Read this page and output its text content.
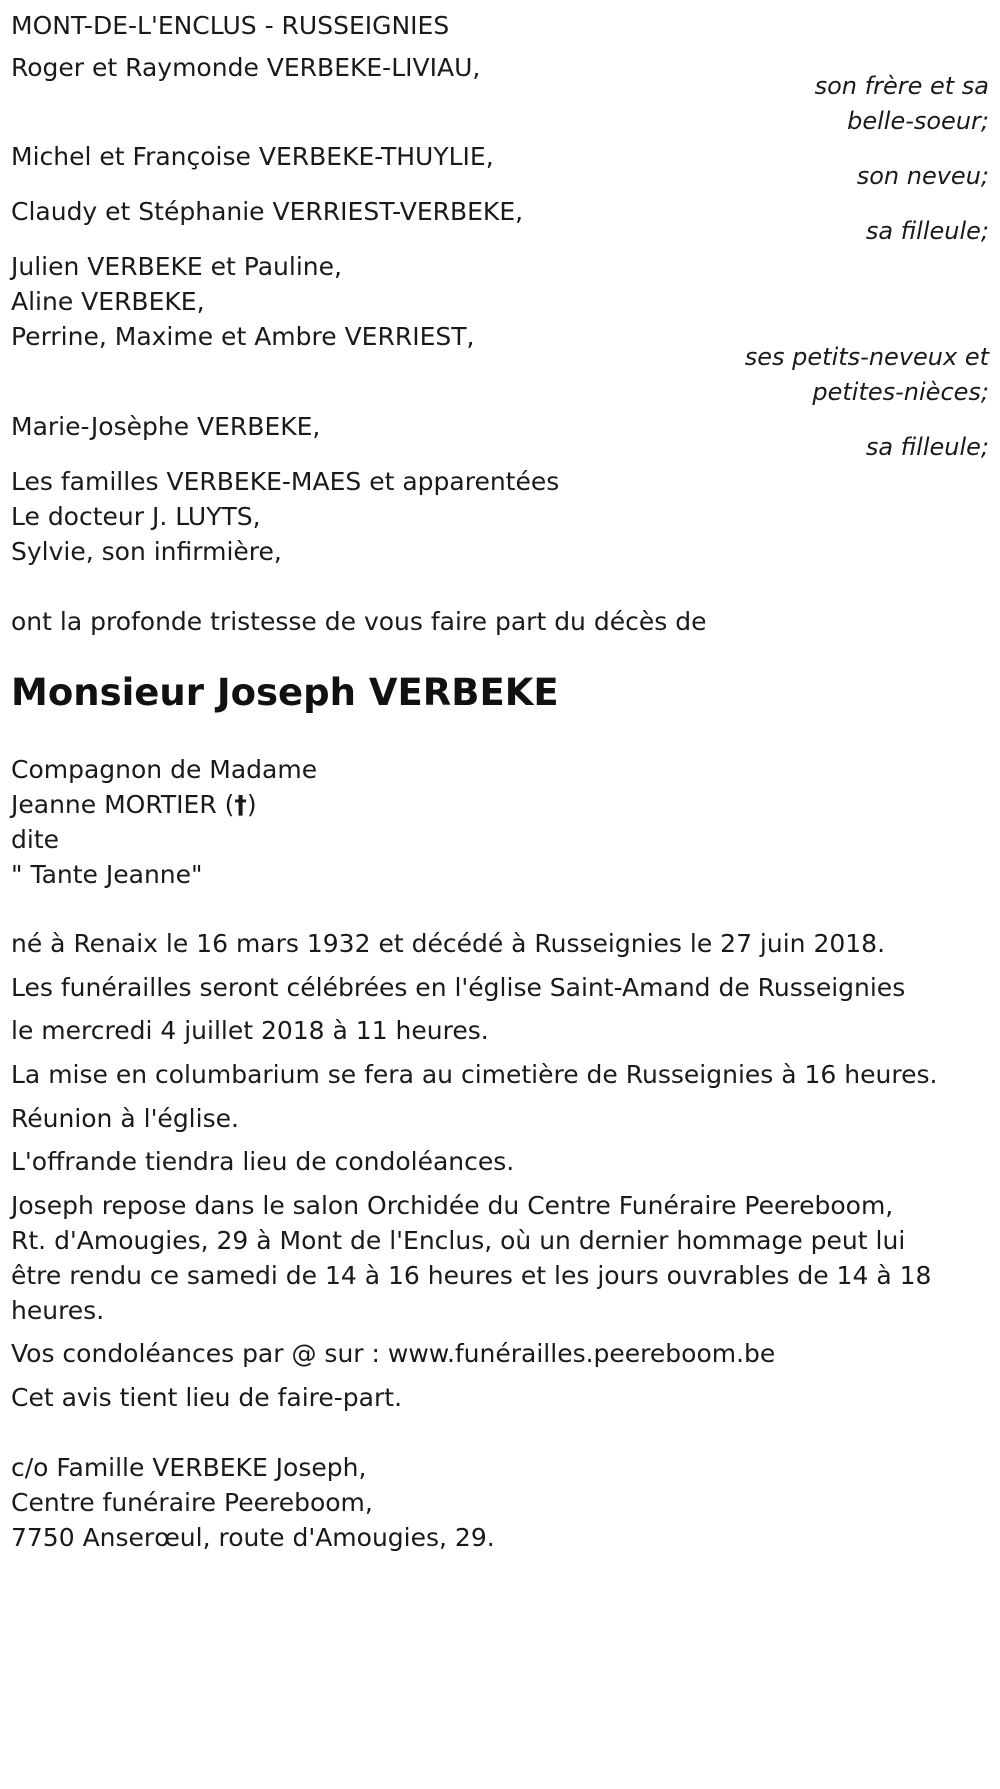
MONT-DE-L'ENCLUS - RUSSEIGNIES
Roger et Raymonde VERBEKE-LIVIAU,
son frère et sa
belle-soeur;
Michel et Françoise VERBEKE-THUYLIE,
son neveu;
Claudy et Stéphanie VERRIEST-VERBEKE,
sa filleule;
Julien VERBEKE et Pauline,
Aline VERBEKE,
Perrine, Maxime et Ambre VERRIEST,
ses petits-neveux et
petites-nièces;
Marie-Josèphe VERBEKE,
sa filleule;
Les familles VERBEKE-MAES et apparentées
Le docteur J. LUYTS,
Sylvie, son infirmière,
ont la profonde tristesse de vous faire part du décès de
Monsieur Joseph VERBEKE
Compagnon de Madame
Jeanne MORTIER (†)
dite
" Tante Jeanne"
né à Renaix le 16 mars 1932 et décédé à Russeignies le 27 juin 2018.
Les funérailles seront célébrées en l'église Saint-Amand de Russeignies
le mercredi 4 juillet 2018 à 11 heures.
La mise en columbarium se fera au cimetière de Russeignies à 16 heures.
Réunion à l'église.
L'offrande tiendra lieu de condoléances.
Joseph repose dans le salon Orchidée du Centre Funéraire Peereboom,
Rt. d'Amougies, 29 à Mont de l'Enclus, où un dernier hommage peut lui
être rendu ce samedi de 14 à 16 heures et les jours ouvrables de 14 à 18
heures.
Vos condoléances par @ sur : www.funérailles.peereboom.be
Cet avis tient lieu de faire-part.
c/o Famille VERBEKE Joseph,
Centre funéraire Peereboom,
7750 Anserœul, route d'Amougies, 29.
